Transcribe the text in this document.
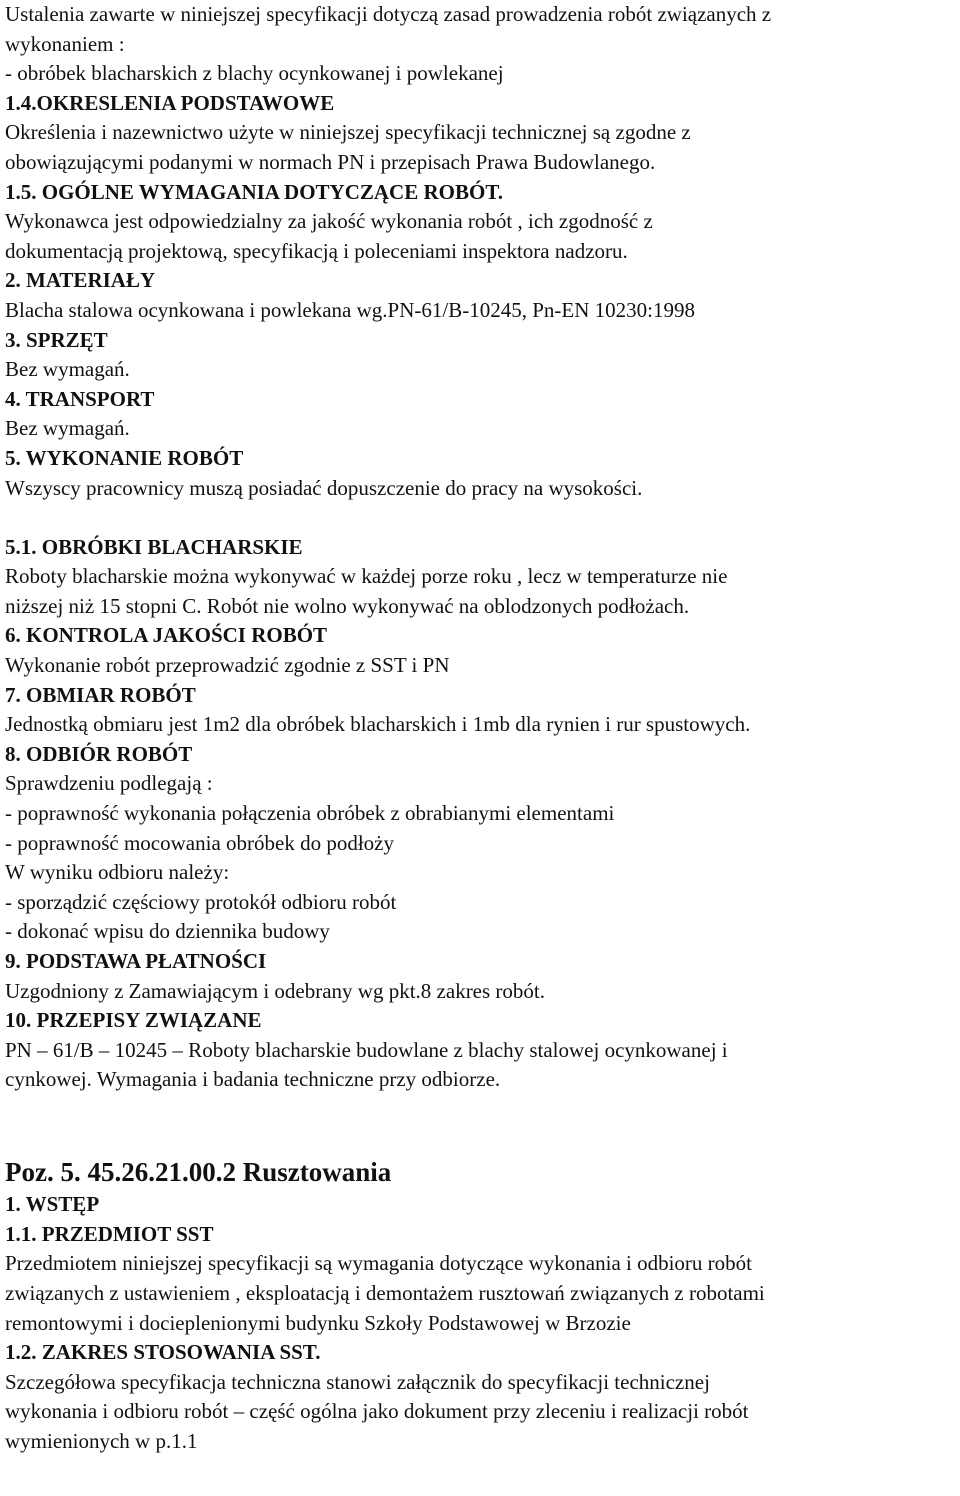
Ustalenia zawarte w niniejszej specyfikacji dotyczą zasad prowadzenia robót związanych z
wykonaniem :
- obróbek blacharskich z blachy ocynkowanej i powlekanej
1.4.OKRESLENIA PODSTAWOWE
Określenia i nazewnictwo użyte w niniejszej specyfikacji technicznej są zgodne z
obowiązującymi podanymi w normach PN i przepisach Prawa Budowlanego.
1.5. OGÓLNE WYMAGANIA DOTYCZĄCE ROBÓT.
Wykonawca jest odpowiedzialny za jakość wykonania robót , ich zgodność z
dokumentacją projektową, specyfikacją i poleceniami inspektora nadzoru.
2. MATERIAŁY
Blacha stalowa ocynkowana i powlekana wg.PN-61/B-10245, Pn-EN 10230:1998
3. SPRZĘT
Bez wymagań.
4. TRANSPORT
Bez wymagań.
5. WYKONANIE ROBÓT
Wszyscy pracownicy muszą posiadać dopuszczenie do pracy na wysokości.
5.1. OBRÓBKI BLACHARSKIE
Roboty blacharskie można wykonywać w każdej porze roku , lecz w temperaturze nie
niższej niż 15 stopni C. Robót nie wolno wykonywać na oblodzonych podłożach.
6. KONTROLA JAKOŚCI ROBÓT
Wykonanie robót przeprowadzić zgodnie z SST i PN
7. OBMIAR ROBÓT
Jednostką obmiaru jest 1m2 dla obróbek blacharskich i 1mb dla rynien i rur spustowych.
8. ODBIÓR ROBÓT
Sprawdzeniu podlegają :
- poprawność wykonania połączenia obróbek z obrabianymi elementami
- poprawność mocowania obróbek do podłoży
W wyniku odbioru należy:
- sporządzić częściowy protokół odbioru robót
- dokonać wpisu do dziennika budowy
9. PODSTAWA PŁATNOŚCI
Uzgodniony z Zamawiającym i odebrany wg pkt.8 zakres robót.
10. PRZEPISY ZWIĄZANE
PN – 61/B – 10245 – Roboty blacharskie budowlane z blachy stalowej ocynkowanej i
cynkowej. Wymagania i badania techniczne przy odbiorze.
Poz. 5. 45.26.21.00.2 Rusztowania
1. WSTĘP
1.1. PRZEDMIOT SST
Przedmiotem niniejszej specyfikacji są wymagania dotyczące wykonania i odbioru robót
związanych z ustawieniem , eksploatacją i demontażem rusztowań związanych z robotami
remontowymi i docieplenionymi budynku Szkoły Podstawowej w Brzozie
1.2. ZAKRES STOSOWANIA SST.
Szczegółowa specyfikacja techniczna stanowi załącznik do specyfikacji technicznej
wykonania i odbioru robót – część ogólna jako dokument przy zleceniu i realizacji robót
wymienionych w p.1.1
